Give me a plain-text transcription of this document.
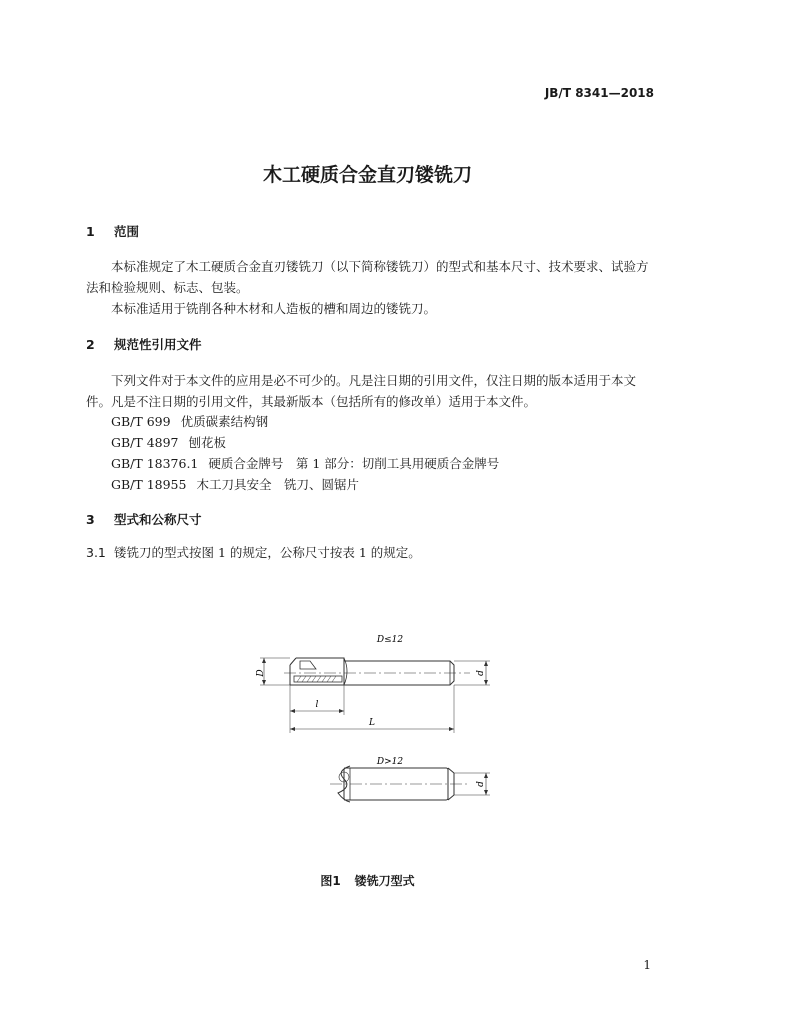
JB/T 8341—2018
木工硬质合金直刃镂铣刀
1 范围
本标准规定了木工硬质合金直刃镂铣刀（以下简称镂铣刀）的型式和基本尺寸、技术要求、试验方法和检验规则、标志、包装。
本标准适用于铣削各种木材和人造板的槽和周边的镂铣刀。
2 规范性引用文件
下列文件对于本文件的应用是必不可少的。凡是注日期的引用文件，仅注日期的版本适用于本文件。凡是不注日期的引用文件，其最新版本（包括所有的修改单）适用于本文件。
GB/T 699 优质碳素结构钢
GB/T 4897 刨花板
GB/T 18376.1 硬质合金牌号　第 1 部分：切削工具用硬质合金牌号
GB/T 18955 木工刀具安全　铣刀、圆锯片
3 型式和公称尺寸
3.1 镂铣刀的型式按图 1 的规定，公称尺寸按表 1 的规定。
D≤12
D	d
l
L
D>12
d
图1 镂铣刀型式
1
